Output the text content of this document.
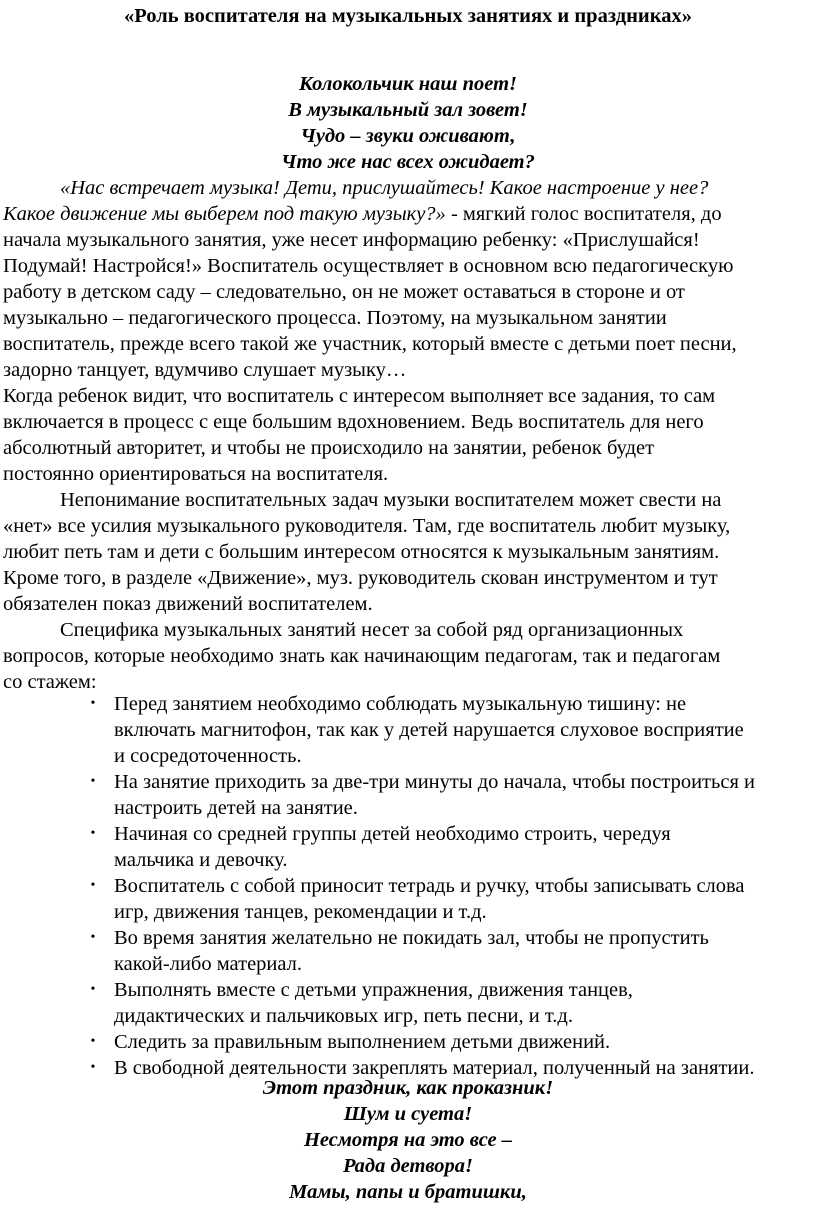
«Роль воспитателя на музыкальных занятиях и праздниках»
Колокольчик наш поет!
В музыкальный зал зовет!
Чудо – звуки оживают,
Что же нас всех ожидает?
«Нас встречает музыка! Дети, прислушайтесь! Какое настроение у нее?
Какое движение мы выберем под такую музыку?» - мягкий голос воспитателя, до
начала музыкального занятия, уже несет информацию ребенку: «Прислушайся!
Подумай! Настройся!» Воспитатель осуществляет в основном всю педагогическую
работу в детском саду – следовательно, он не может оставаться в стороне и от
музыкально – педагогического процесса. Поэтому, на музыкальном занятии
воспитатель, прежде всего такой же участник, который вместе с детьми поет песни,
задорно танцует, вдумчиво слушает музыку…
Когда ребенок видит, что воспитатель с интересом выполняет все задания, то сам
включается в процесс с еще большим вдохновением. Ведь воспитатель для него
абсолютный авторитет, и чтобы не происходило на занятии, ребенок будет
постоянно ориентироваться на воспитателя.
Непонимание воспитательных задач музыки воспитателем может свести на
«нет» все усилия музыкального руководителя. Там, где воспитатель любит музыку,
любит петь там и дети с большим интересом относятся к музыкальным занятиям.
Кроме того, в разделе «Движение», муз. руководитель скован инструментом и тут
обязателен показ движений воспитателем.
Специфика музыкальных занятий несет за собой ряд организационных
вопросов, которые необходимо знать как начинающим педагогам, так и педагогам
со стажем:
• Перед занятием необходимо соблюдать музыкальную тишину: не
включать магнитофон, так как у детей нарушается слуховое восприятие
и сосредоточенность.
• На занятие приходить за две-три минуты до начала, чтобы построиться и
настроить детей на занятие.
• Начиная со средней группы детей необходимо строить, чередуя
мальчика и девочку.
• Воспитатель с собой приносит тетрадь и ручку, чтобы записывать слова
игр, движения танцев, рекомендации и т.д.
• Во время занятия желательно не покидать зал, чтобы не пропустить
какой-либо материал.
• Выполнять вместе с детьми упражнения, движения танцев,
дидактических и пальчиковых игр, петь песни, и т.д.
• Следить за правильным выполнением детьми движений.
• В свободной деятельности закреплять материал, полученный на занятии.
Этот праздник, как проказник!
Шум и суета!
Несмотря на это все –
Рада детвора!
Мамы, папы и братишки,
